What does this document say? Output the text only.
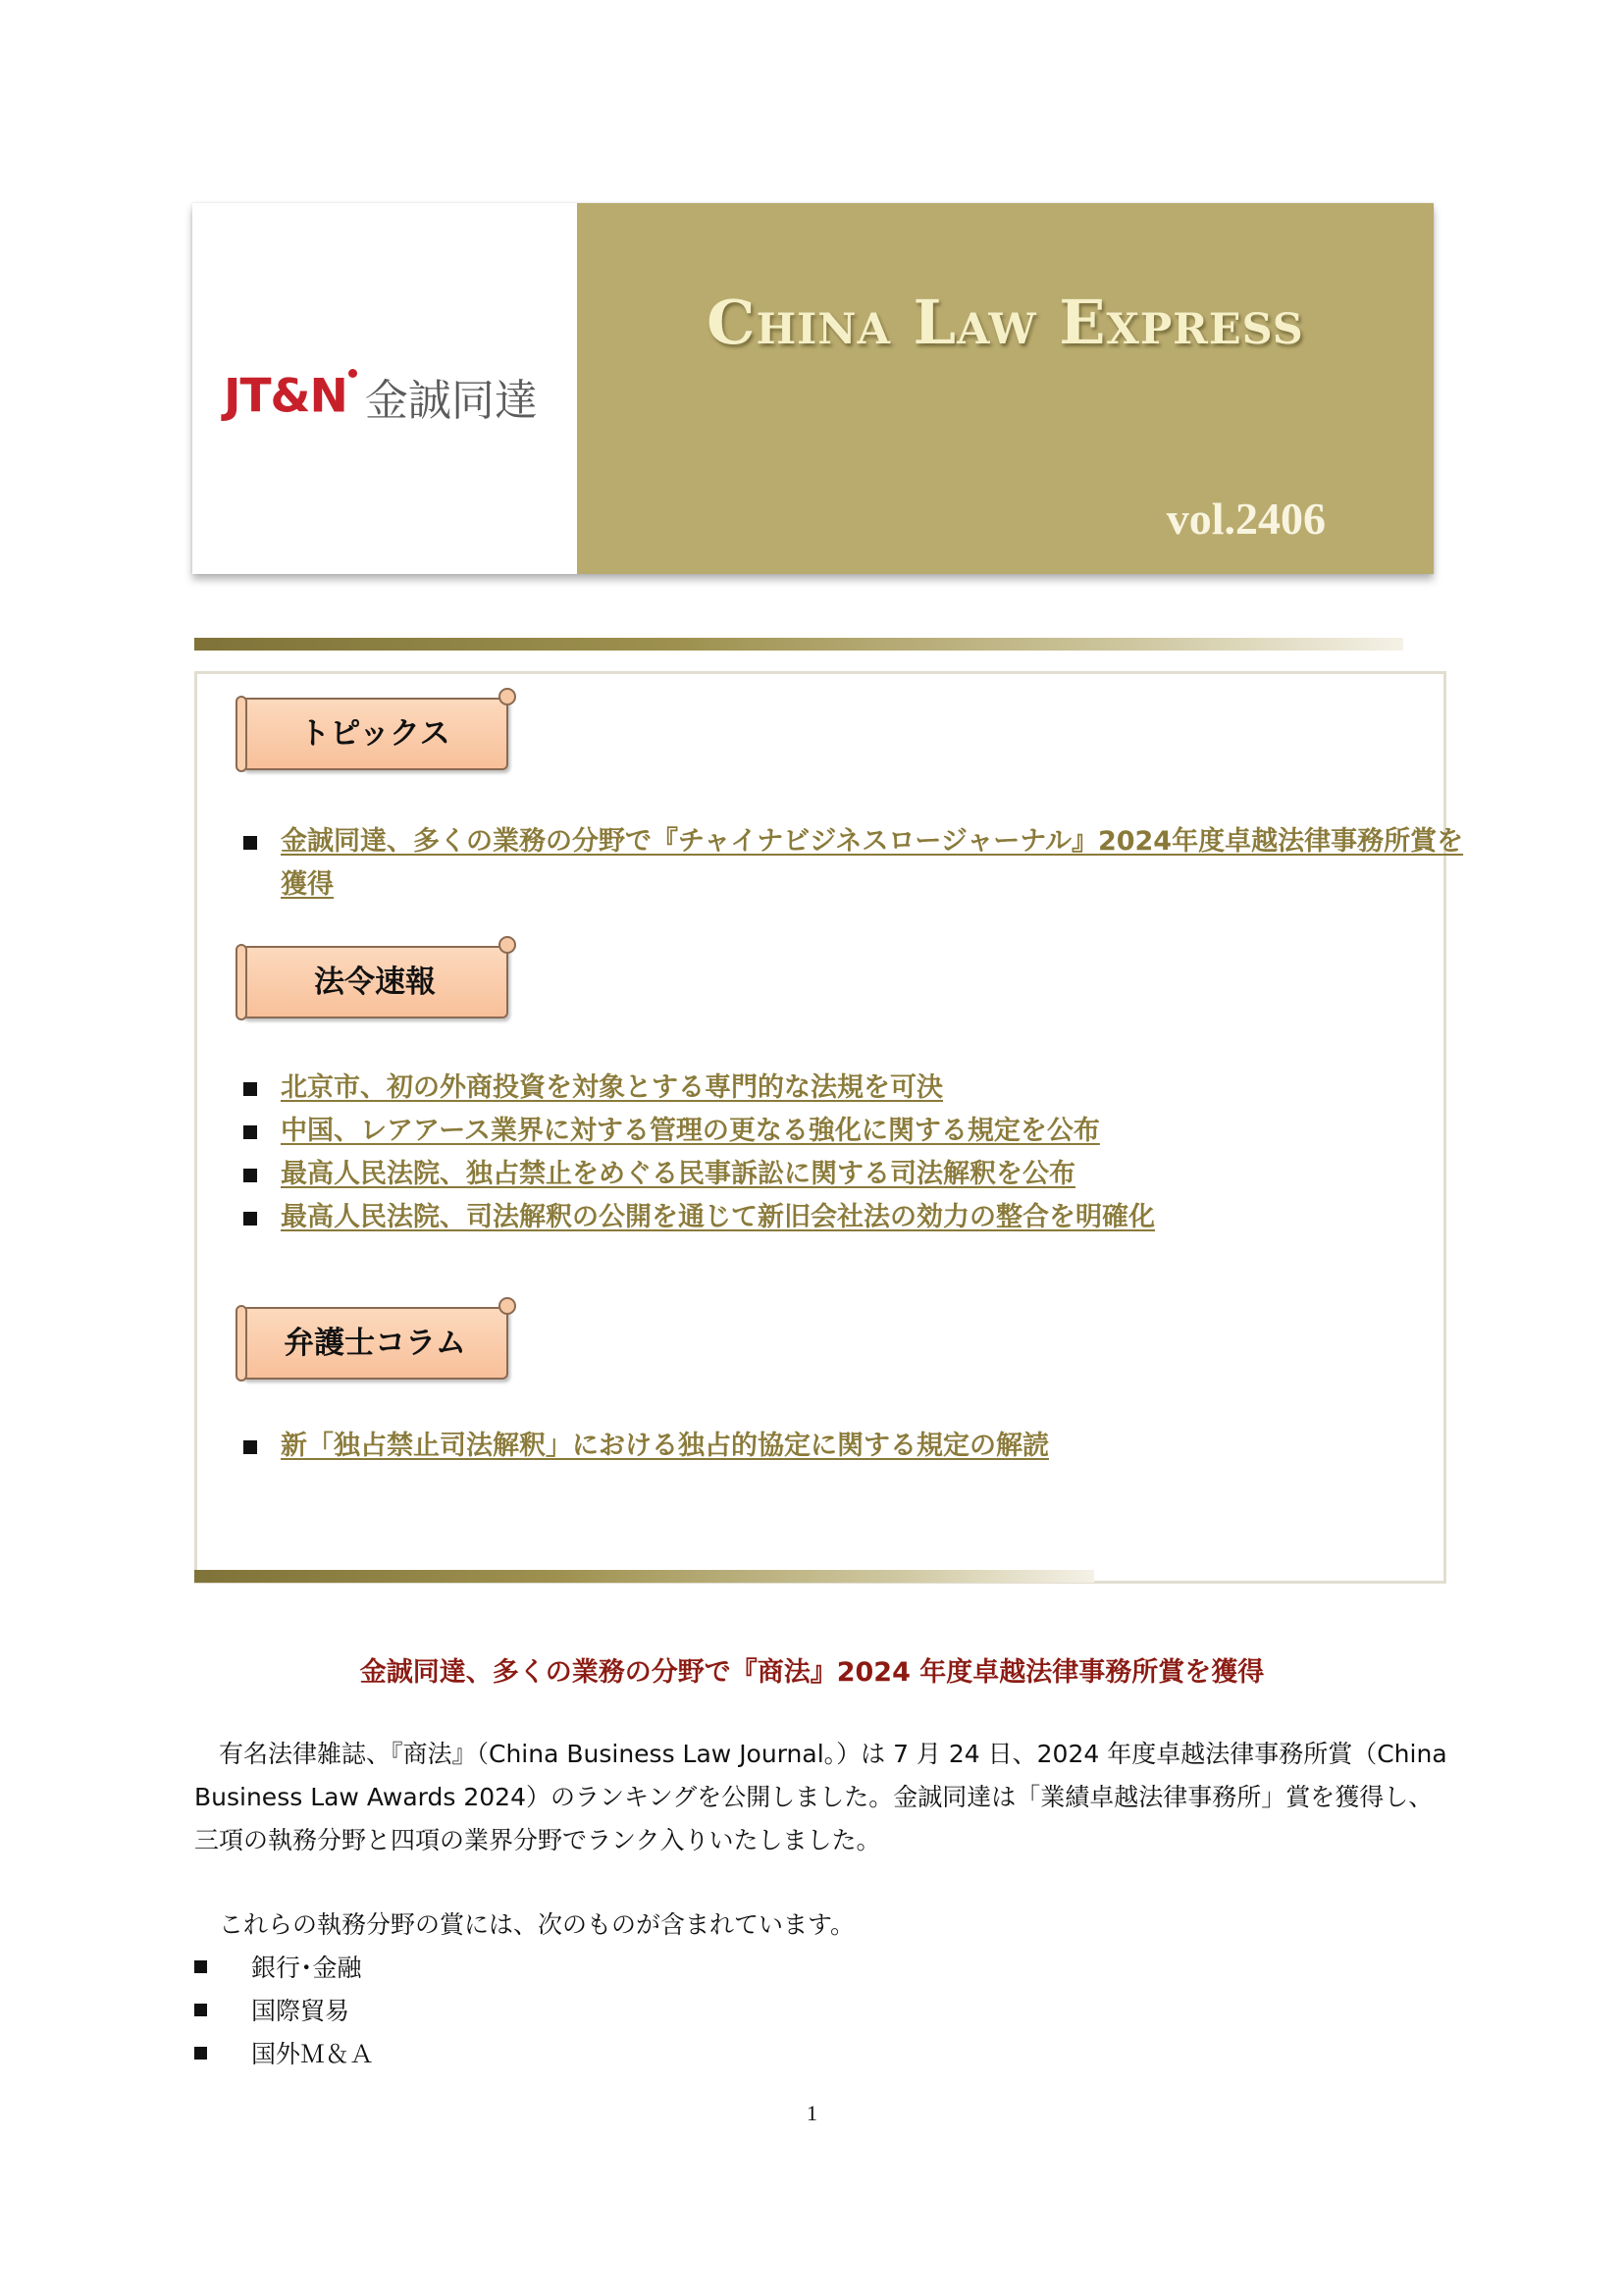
JT&N 金誠同達
China Law Express
vol.2406
トピックス
金誠同達、多くの業務の分野で『チャイナビジネスロージャーナル』2024年度卓越法律事務所賞を
獲得
法令速報
北京市、初の外商投資を対象とする専門的な法規を可決
中国、レアアース業界に対する管理の更なる強化に関する規定を公布
最高人民法院、独占禁止をめぐる民事訴訟に関する司法解釈を公布
最高人民法院、司法解釈の公開を通じて新旧会社法の効力の整合を明確化
弁護士コラム
新「独占禁止司法解釈」における独占的協定に関する規定の解読
金誠同達、多くの業務の分野で『商法』2024 年度卓越法律事務所賞を獲得
　有名法律雑誌、『商法』（China Business Law Journal。）は 7 月 24 日、2024 年度卓越法律事務所賞（China
Business Law Awards 2024）のランキングを公開しました。金誠同達は「業績卓越法律事務所」賞を獲得し、
三項の執務分野と四項の業界分野でランク入りいたしました。
　これらの執務分野の賞には、次のものが含まれています。
銀行･金融
国際貿易
国外Ｍ＆Ａ
1
